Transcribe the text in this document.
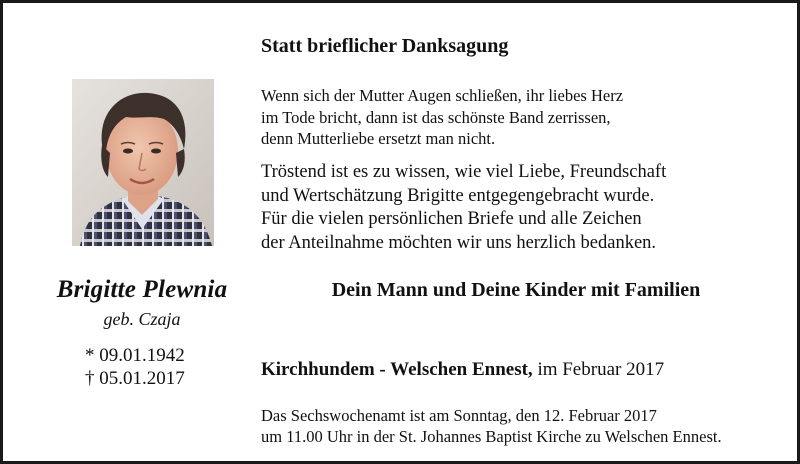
Brigitte Plewnia
geb. Czaja
* 09.01.1942
† 05.01.2017
Statt brieflicher Danksagung
Wenn sich der Mutter Augen schließen, ihr liebes Herz
im Tode bricht, dann ist das schönste Band zerrissen,
denn Mutterliebe ersetzt man nicht.
Tröstend ist es zu wissen, wie viel Liebe, Freundschaft
und Wertschätzung Brigitte entgegengebracht wurde.
Für die vielen persönlichen Briefe und alle Zeichen
der Anteilnahme möchten wir uns herzlich bedanken.
Dein Mann und Deine Kinder mit Familien
Kirchhundem - Welschen Ennest, im Februar 2017
Das Sechswochenamt ist am Sonntag, den 12. Februar 2017
um 11.00 Uhr in der St. Johannes Baptist Kirche zu Welschen Ennest.
